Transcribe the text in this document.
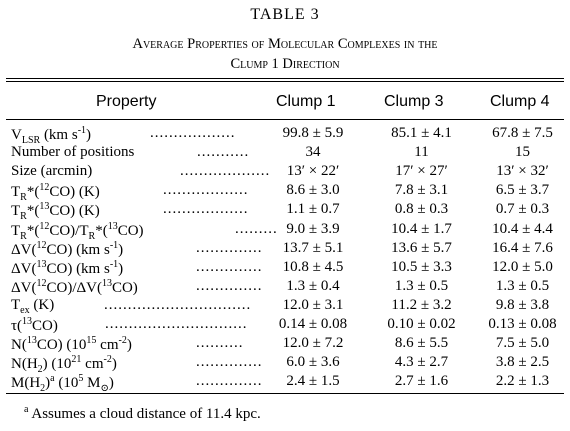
TABLE 3
Average Properties of Molecular Complexes in the
Clump 1 Direction
Property	Clump 1	Clump 3	Clump 4
$V_{LSR}$ (km $s^{-1}$)	..................	99.8 ± 5.9	85.1 ± 4.1	67.8 ± 7.5
Number of positions	...........	34	11	15
Size (arcmin)	...................	13′ × 22′	17′ × 27′	13′ × 32′
$T_R*(^{12}CO)$ (K)	..................	8.6 ± 3.0	7.8 ± 3.1	6.5 ± 3.7
$T_R*(^{13}CO)$ (K)	..................	1.1 ± 0.7	0.8 ± 0.3	0.7 ± 0.3
$T_R*(^{12}CO)/T_R*(^{13}CO)$	......... 9.0 ± 3.9	10.4 ± 1.7	10.4 ± 4.4
ΔV($^{12}$CO) (km $s^{-1}$)	..............	13.7 ± 5.1	13.6 ± 5.7	16.4 ± 7.6
ΔV($^{13}$CO) (km $s^{-1}$)	..............	10.8 ± 4.5	10.5 ± 3.3	12.0 ± 5.0
ΔV($^{12}$CO)/ΔV($^{13}$CO)	..............	1.3 ± 0.4	1.3 ± 0.5	1.3 ± 0.5
$T_{ex}$ (K)	...............................	12.0 ± 3.1	11.2 ± 3.2	9.8 ± 3.8
τ($^{13}$CO)	..............................	0.14 ± 0.08	0.10 ± 0.02	0.13 ± 0.08
N($^{13}$CO) ($10^{15}$ $cm^{-2}$)	..........	12.0 ± 7.2	8.6 ± 5.5	7.5 ± 5.0
$N(H_2)$ ($10^{21}$ $cm^{-2}$)	..............	6.0 ± 3.6	4.3 ± 2.7	3.8 ± 2.5
$M(H_2)^a$ ($10^5$ $M_⊙$)	..............	2.4 ± 1.5	2.7 ± 1.6	2.2 ± 1.3
$^a$ Assumes a cloud distance of 11.4 kpc.
